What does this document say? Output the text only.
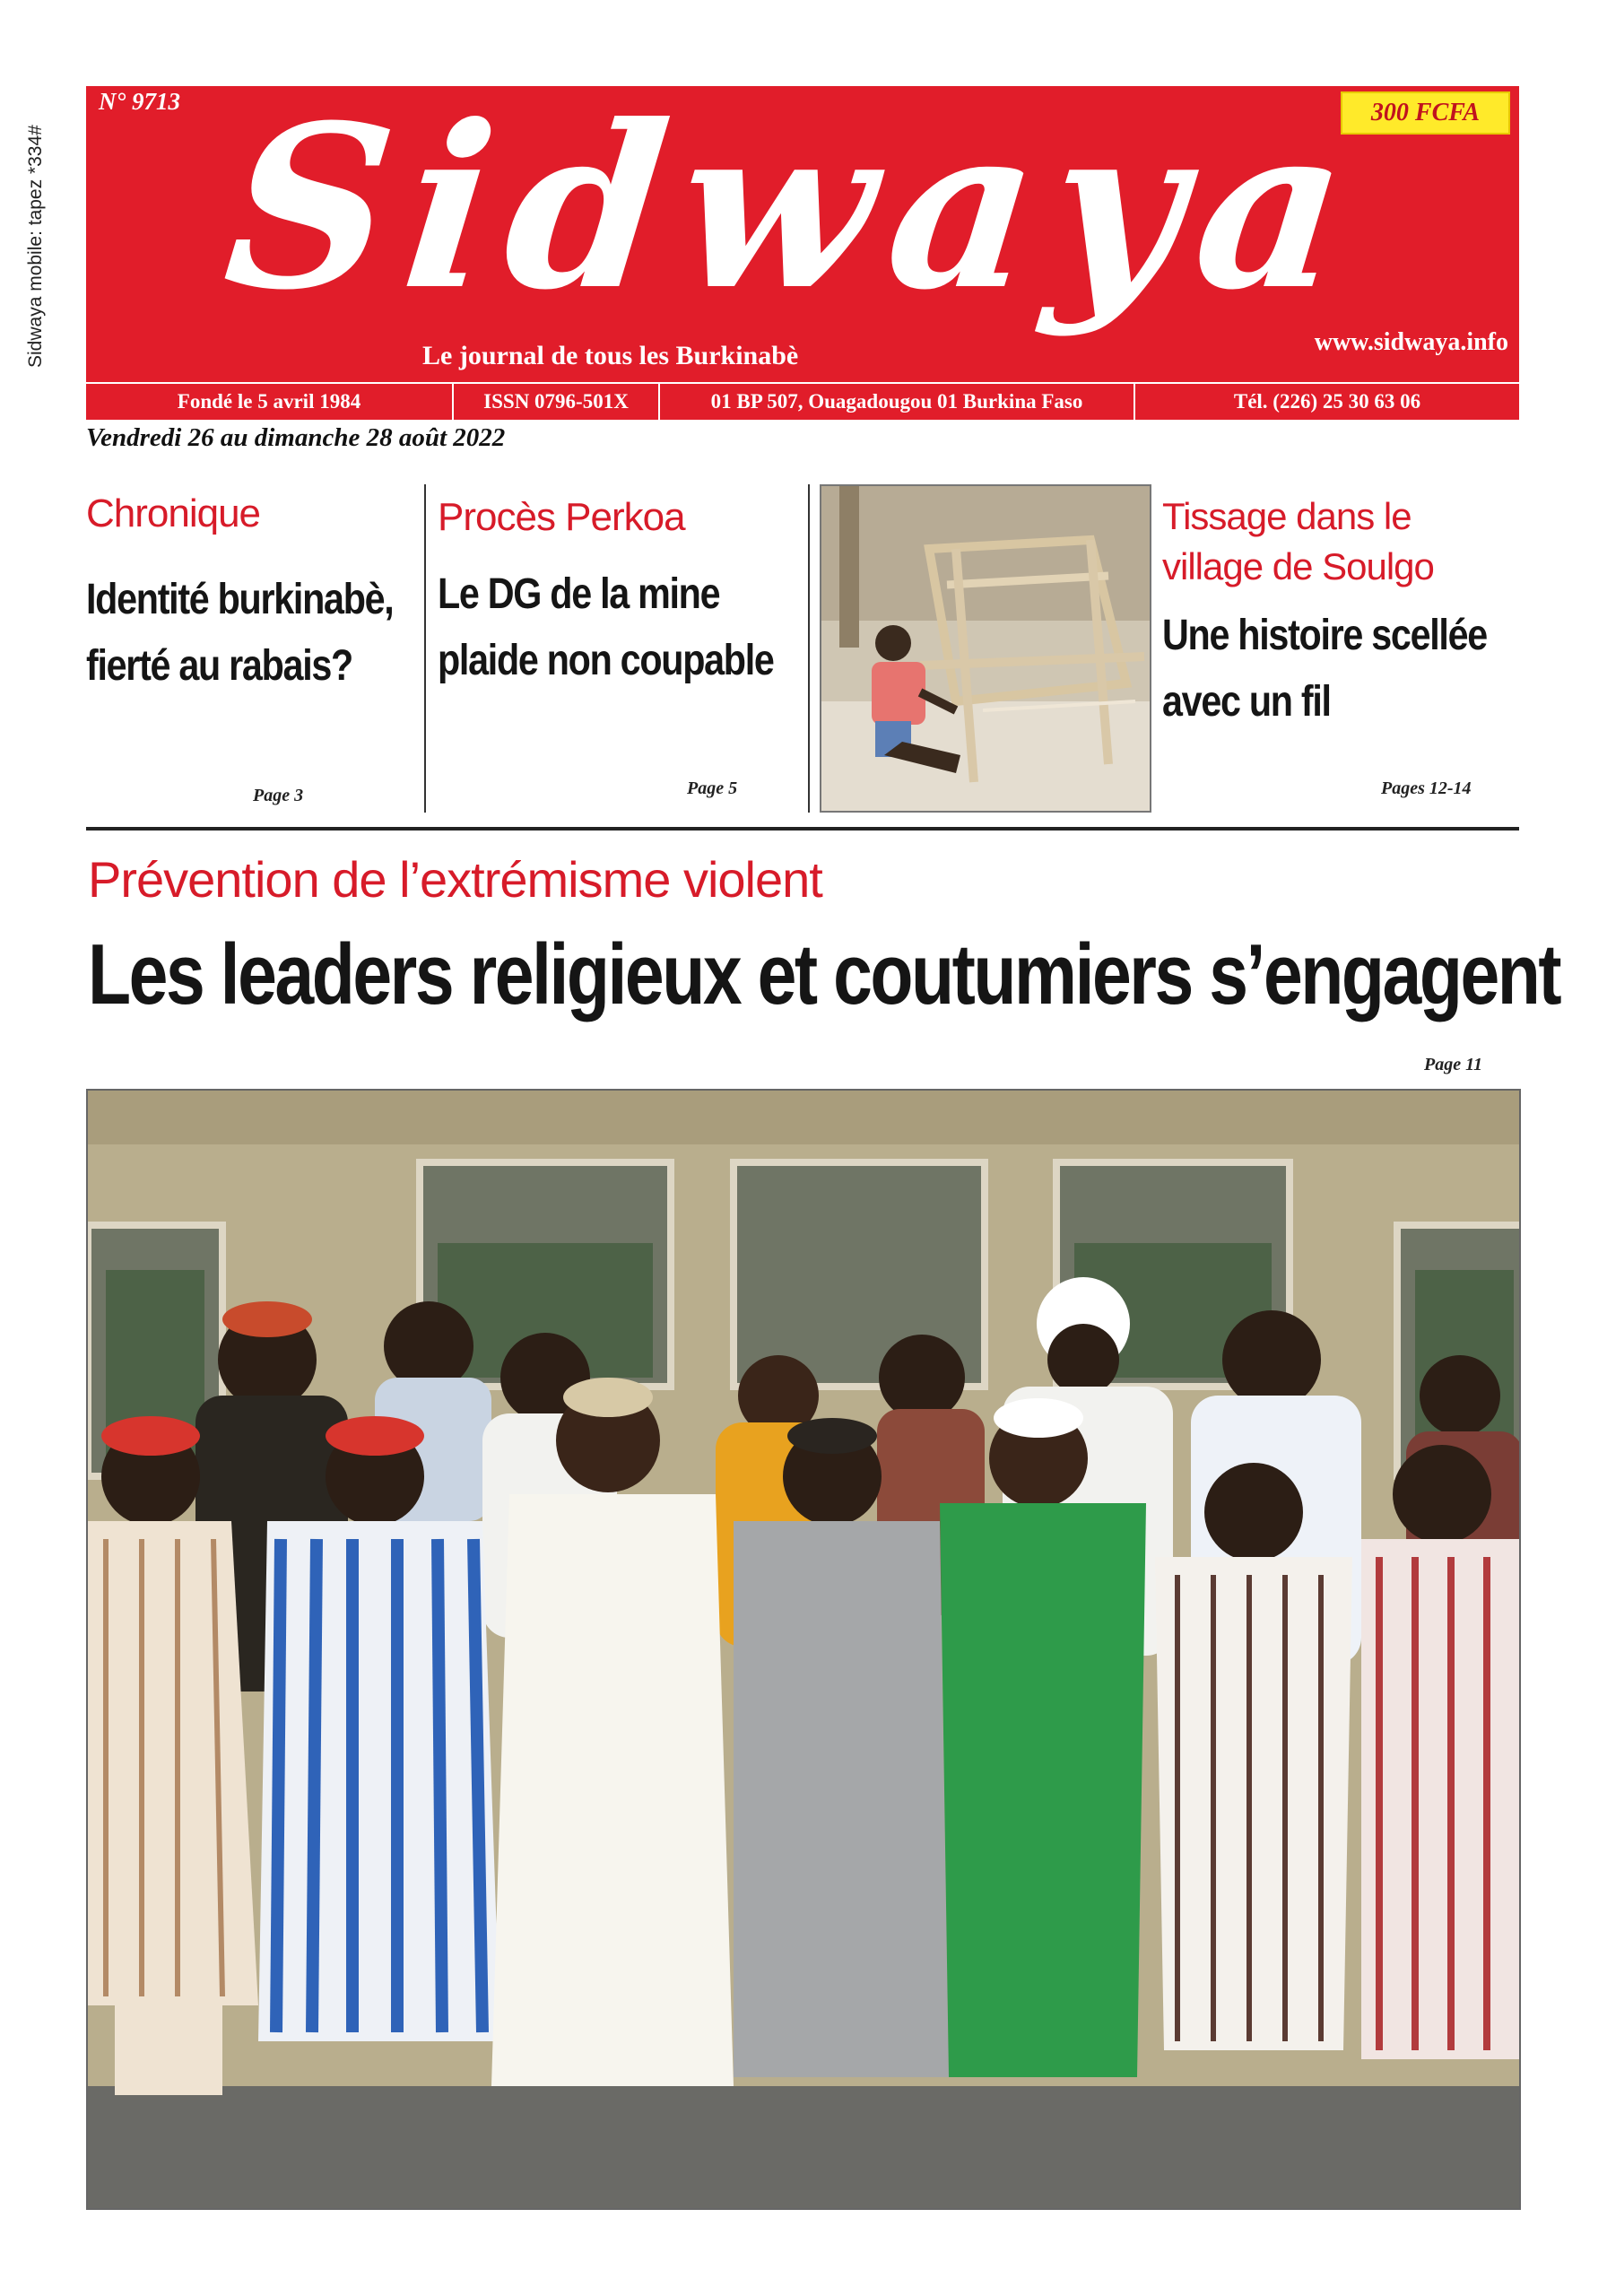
Sidwaya mobile: tapez *334#
N° 9713	300 FCFA
Sidwaya
Le journal de tous les Burkinabè	www.sidwaya.info
Fondé le 5 avril 1984	ISSN 0796-501X	01 BP 507, Ouagadougou 01 Burkina Faso	Tél. (226) 25 30 63 06
Vendredi 26 au dimanche 28 août 2022
Chronique
Identité burkinabè, fierté au rabais?
Page 3
Procès Perkoa
Le DG de la mine plaide non coupable
Page 5
Tissage dans le village de Soulgo
Une histoire scellée avec un fil
Pages 12-14
Prévention de l’extrémisme violent
Les leaders religieux et coutumiers s’engagent
Page 11
